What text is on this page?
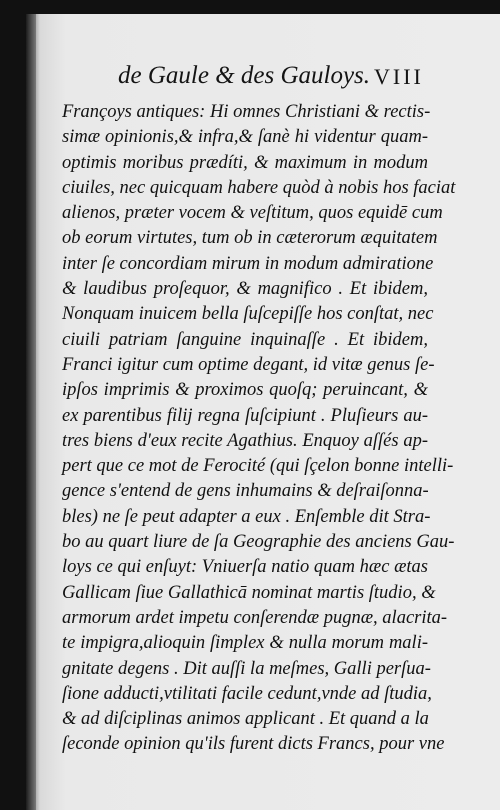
de Gaule & des Gauloys. VIII
Françoys antiques: Hi omnes Christiani & rectis-
simæ opinionis,& infra,& ſanè hi videntur quam-
optimis moribus prædíti, & maximum in modum
ciuiles, nec quicquam habere quòd à nobis hos faciat
alienos, præter vocem & veſtitum, quos equidē cum
ob eorum virtutes, tum ob in cæterorum æquitatem
inter ſe concordiam mirum in modum admiratione
& laudibus proſequor, & magnifico . Et ibidem,
Nonquam inuicem bella ſuſcepiſſe hos conſtat, nec
ciuili patriam ſanguine inquinaſſe . Et ibidem,
Franci igitur cum optime degant, id vitæ genus ſe-
ipſos imprimis & proximos quoſq; peruincant, &
ex parentibus filij regna ſuſcipiunt . Pluſieurs au-
tres biens d'eux recite Agathius. Enquoy aſſés ap-
pert que ce mot de Ferocité (qui ſçelon bonne intelli-
gence s'entend de gens inhumains & deſraiſonna-
bles) ne ſe peut adapter a eux . Enſemble dit Stra-
bo au quart liure de ſa Geographie des anciens Gau-
loys ce qui enſuyt: Vniuerſa natio quam hæc ætas
Gallicam ſiue Gallathicā nominat martis ſtudio, &
armorum ardet impetu conſerendæ pugnæ, alacrita-
te impigra,alioquin ſimplex & nulla morum mali-
gnitate degens . Dit auſſi la meſmes, Galli perſua-
ſione adducti,vtilitati facile cedunt,vnde ad ſtudia,
& ad diſciplinas animos applicant . Et quand a la
ſeconde opinion qu'ils furent dicts Francs, pour vne
